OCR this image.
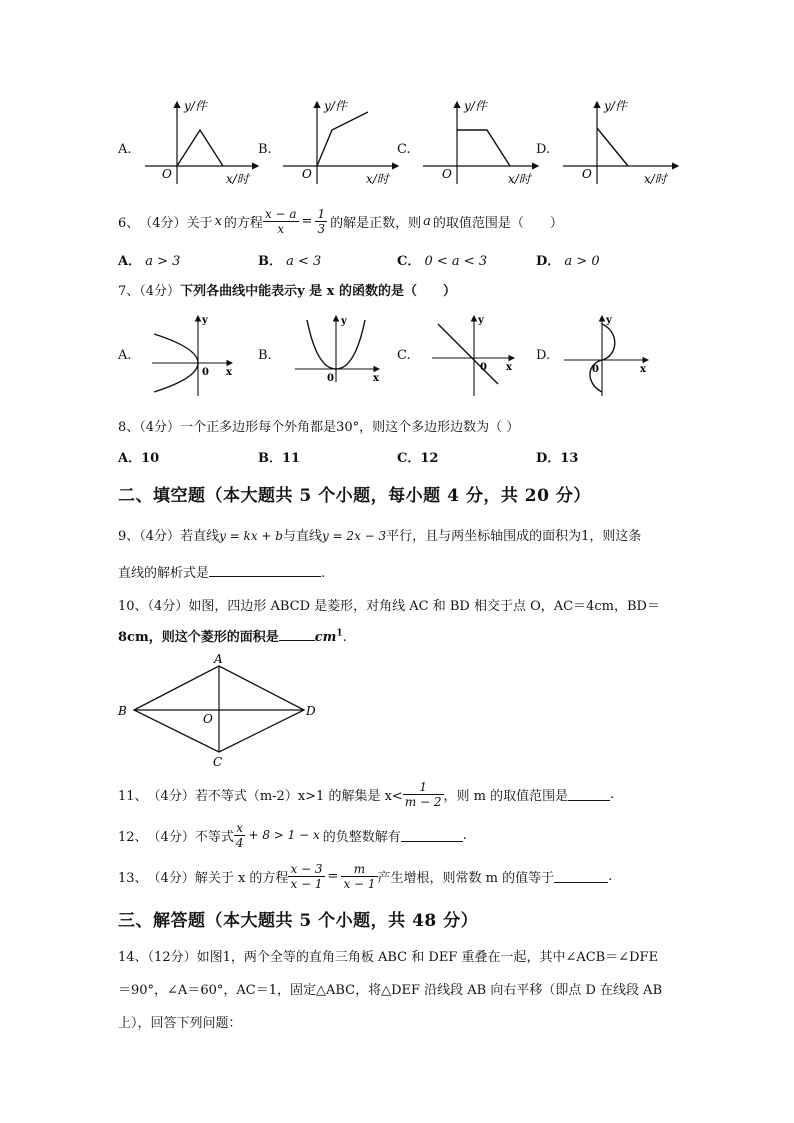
A.
y/件
O	x/时
B.
y/件
O	x/时
C.
y/件
O	x/时
D.
y/件
O	x/时
6、 （4分） 关于 x 的方程 $\frac{x - a}{x} = \frac{1}{3}$ 的解是正数，则 a 的取值范围是（　　）
A． a > 3	B． a < 3	C． 0 < a < 3	D． a > 0
7、（4分）下列各曲线中能表示y 是 x 的函数的是（　　）
A.
y
0 x
B.
y
0	x
C.
y
0 x
D.
y
0	x
8、（4分）一个正多边形每个外角都是30°，则这个多边形边数为（ ）
A．10	B．11	C．12	D．13
二、填空题（本大题共 5 个小题，每小题 4 分，共 20 分）
9、（4分）若直线y = kx + b与直线y = 2x − 3平行，且与两坐标轴围成的面积为1，则这条
直线的解析式是	.
10、（4分）如图，四边形 ABCD 是菱形，对角线 AC 和 BD 相交于点 O，AC＝4cm，BD＝
8cm，则这个菱形的面积是	$cm^1$.
A
B	D
C
O
11、 （4分） 若不等式（m-2）x>1 的解集是 $x< \frac{1}{m - 2}$ ，则 m 的取值范围是	.
12、 （4分） 不等式 $\frac{x}{4} + 8 > 1 - x$ 的负整数解有	.
13、 （4分） 解关于 x 的方程 $\frac{x - 3}{x - 1} = \frac{m}{x - 1}$ 产生增根，则常数 m 的值等于	.
三、解答题（本大题共 5 个小题，共 48 分）
14、（12分）如图1，两个全等的直角三角板 ABC 和 DEF 重叠在一起，其中∠ACB＝∠DFE
＝90°，∠A＝60°，AC＝1，固定△ABC，将△DEF 沿线段 AB 向右平移（即点 D 在线段 AB
上），回答下列问题：
